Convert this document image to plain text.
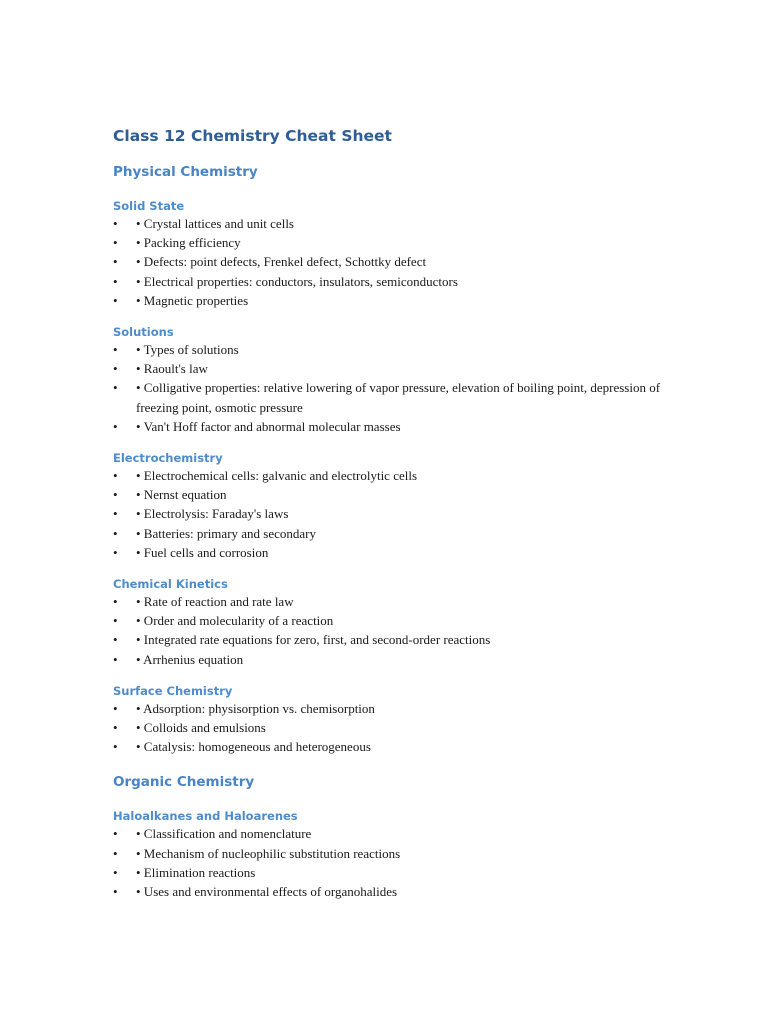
Class 12 Chemistry Cheat Sheet
Physical Chemistry
Solid State
• • Crystal lattices and unit cells
• • Packing efficiency
• • Defects: point defects, Frenkel defect, Schottky defect
• • Electrical properties: conductors, insulators, semiconductors
• • Magnetic properties
Solutions
• • Types of solutions
• • Raoult's law
• • Colligative properties: relative lowering of vapor pressure, elevation of boiling point, depression of freezing point, osmotic pressure
• • Van't Hoff factor and abnormal molecular masses
Electrochemistry
• • Electrochemical cells: galvanic and electrolytic cells
• • Nernst equation
• • Electrolysis: Faraday's laws
• • Batteries: primary and secondary
• • Fuel cells and corrosion
Chemical Kinetics
• • Rate of reaction and rate law
• • Order and molecularity of a reaction
• • Integrated rate equations for zero, first, and second-order reactions
• • Arrhenius equation
Surface Chemistry
• • Adsorption: physisorption vs. chemisorption
• • Colloids and emulsions
• • Catalysis: homogeneous and heterogeneous
Organic Chemistry
Haloalkanes and Haloarenes
• • Classification and nomenclature
• • Mechanism of nucleophilic substitution reactions
• • Elimination reactions
• • Uses and environmental effects of organohalides
